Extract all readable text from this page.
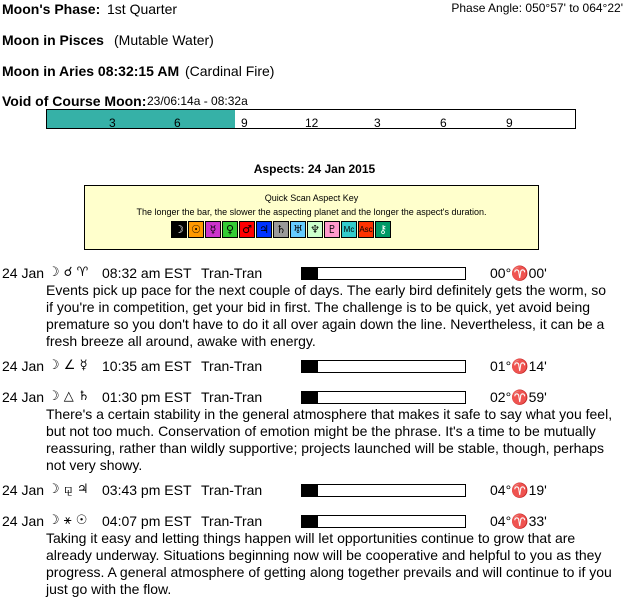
Moon's Phase: 1st Quarter	Phase Angle: 050°57' to 064°22'
Moon in Pisces (Mutable Water)
Moon in Aries 08:32:15 AM (Cardinal Fire)
Void of Course Moon: 23/06:14a - 08:32a
3	6	9	12	3	6	9
Aspects: 24 Jan 2015
Quick Scan Aspect Key
The longer the bar, the slower the aspecting planet and the longer the aspect's duration.
☽ ☉ ☿ ♀ ♂ ♃ ♄ ♅ ♆ ♇ Mc Asc ⚷
24 Jan ☽ ☌ ♈ 08:32 am EST Tran-Tran	00°♈00'
Events pick up pace for the next couple of days. The early bird definitely gets the worm, so if you're in competition, get your bid in first. The challenge is to be quick, yet avoid being premature so you don't have to do it all over again down the line. Nevertheless, it can be a fresh breeze all around, awake with energy.
24 Jan ☽ ∠ ☿ 10:35 am EST Tran-Tran	01°♈14'
24 Jan ☽ △ ♄ 01:30 pm EST Tran-Tran	02°♈59'
There's a certain stability in the general atmosphere that makes it safe to say what you feel, but not too much. Conservation of emotion might be the phrase. It's a time to be mutually reassuring, rather than wildly supportive; projects launched will be stable, though, perhaps not very showy.
24 Jan ☽ ⚼ ♃ 03:43 pm EST Tran-Tran	04°♈19'
24 Jan ☽ ⚹ ☉ 04:07 pm EST Tran-Tran	04°♈33'
Taking it easy and letting things happen will let opportunities continue to grow that are already underway. Situations beginning now will be cooperative and helpful to you as they progress. A general atmosphere of getting along together prevails and will continue to if you just go with the flow.
